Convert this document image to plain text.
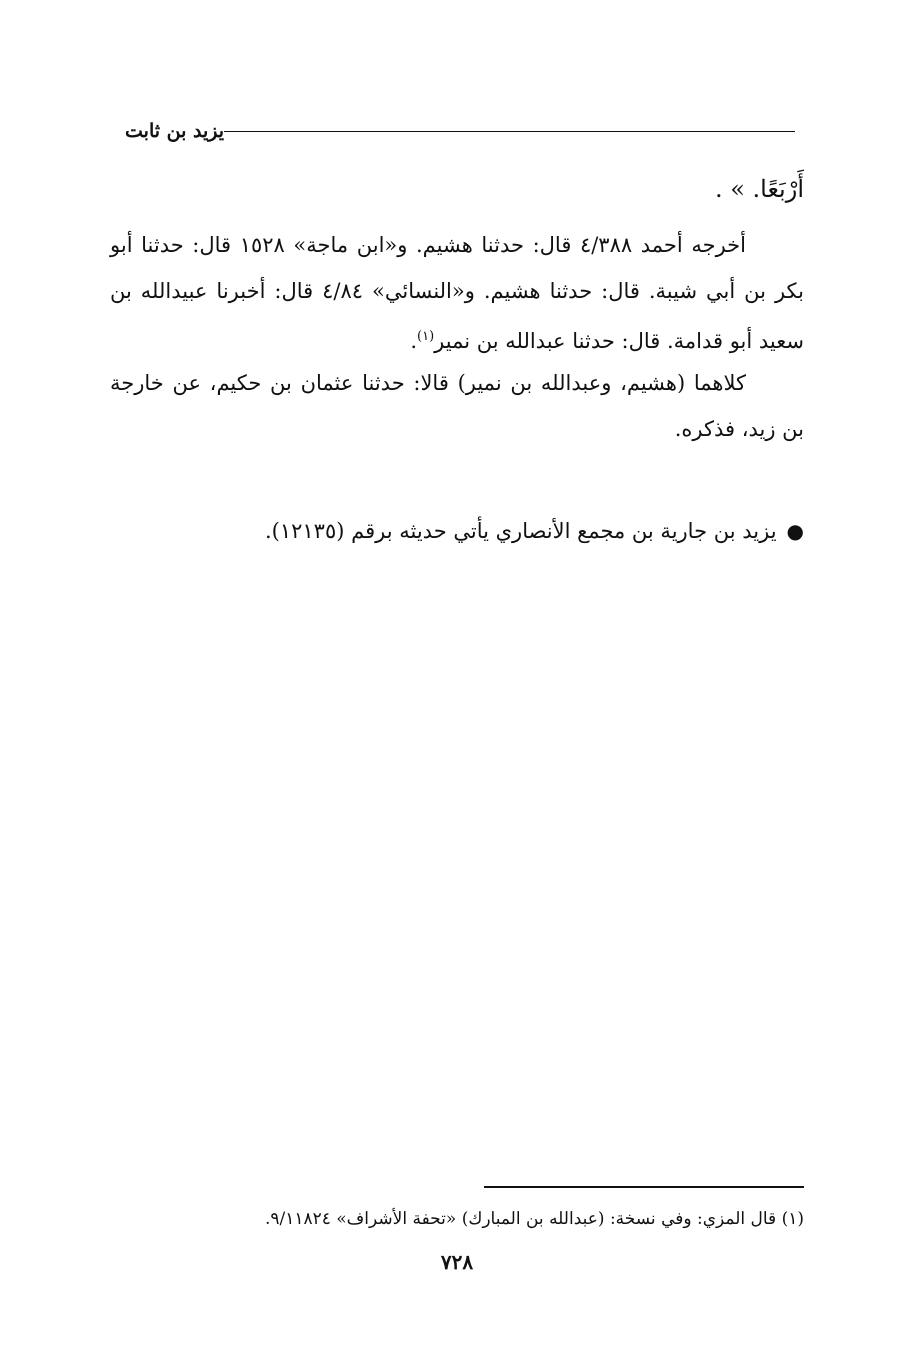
يزيد بن ثابت
أَرْبَعًا. » .
أخرجه أحمد ٤/٣٨٨ قال: حدثنا هشيم. و«ابن ماجة» ١٥٢٨ قال: حدثنا أبو بكر بن أبي شيبة. قال: حدثنا هشيم. و«النسائي» ٤/٨٤ قال: أخبرنا عبيدالله بن سعيد أبو قدامة. قال: حدثنا عبدالله بن نمير$^{(١)}$.
كلاهما (هشيم، وعبدالله بن نمير) قالا: حدثنا عثمان بن حكيم، عن خارجة بن زيد، فذكره.
●يزيد بن جارية بن مجمع الأنصاري يأتي حديثه برقم (١٢١٣٥).
(١) قال المزي: وفي نسخة: (عبدالله بن المبارك) «تحفة الأشراف» ٩/١١٨٢٤.
٧٢٨
